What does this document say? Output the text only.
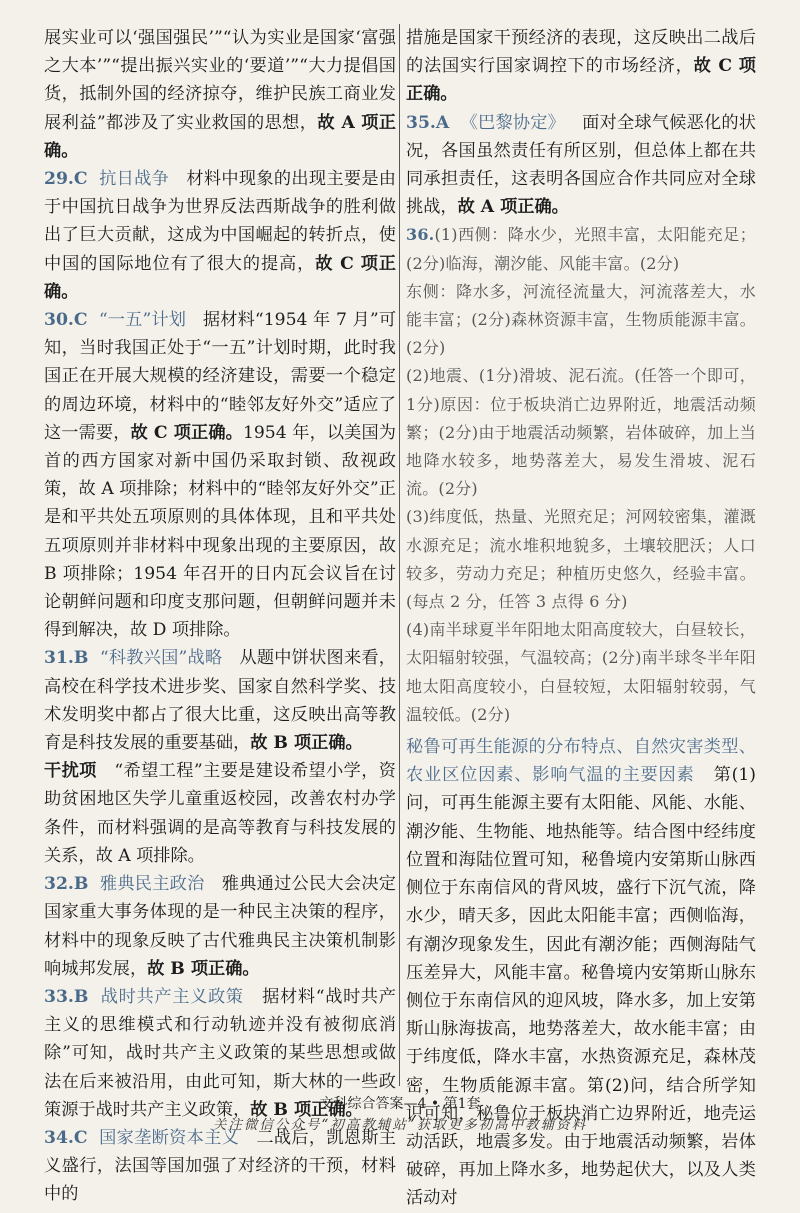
展实业可以‘强国强民’”“认为实业是国家‘富强之大本’”“提出振兴实业的‘要道’”“大力提倡国货，抵制外国的经济掠夺，维护民族工商业发展利益”都涉及了实业救国的思想，故 A 项正确。

29.C 抗日战争 材料中现象的出现主要是由于中国抗日战争为世界反法西斯战争的胜利做出了巨大贡献，这成为中国崛起的转折点，使中国的国际地位有了很大的提高，故 C 项正确。

30.C “一五”计划 据材料“1954 年 7 月”可知，当时我国正处于“一五”计划时期，此时我国正在开展大规模的经济建设，需要一个稳定的周边环境，材料中的“睦邻友好外交”适应了这一需要，故 C 项正确。1954 年，以美国为首的西方国家对新中国仍采取封锁、敌视政策，故 A 项排除；材料中的“睦邻友好外交”正是和平共处五项原则的具体体现，且和平共处五项原则并非材料中现象出现的主要原因，故 B 项排除；1954 年召开的日内瓦会议旨在讨论朝鲜问题和印度支那问题，但朝鲜问题并未得到解决，故 D 项排除。

31.B “科教兴国”战略 从题中饼状图来看，高校在科学技术进步奖、国家自然科学奖、技术发明奖中都占了很大比重，这反映出高等教育是科技发展的重要基础，故 B 项正确。

干扰项 “希望工程”主要是建设希望小学，资助贫困地区失学儿童重返校园，改善农村办学条件，而材料强调的是高等教育与科技发展的关系，故 A 项排除。

32.B 雅典民主政治 雅典通过公民大会决定国家重大事务体现的是一种民主决策的程序，材料中的现象反映了古代雅典民主决策机制影响城邦发展，故 B 项正确。

33.B 战时共产主义政策 据材料“战时共产主义的思维模式和行动轨迹并没有被彻底消除”可知，战时共产主义政策的某些思想或做法在后来被沿用，由此可知，斯大林的一些政策源于战时共产主义政策，故 B 项正确。

34.C 国家垄断资本主义 二战后，凯恩斯主义盛行，法国等国加强了对经济的干预，材料中的

措施是国家干预经济的表现，这反映出二战后的法国实行国家调控下的市场经济，故 C 项正确。

35.A 《巴黎协定》 面对全球气候恶化的状况，各国虽然责任有所区别，但总体上都在共同承担责任，这表明各国应合作共同应对全球挑战，故 A 项正确。

36.(1)西侧：降水少，光照丰富，太阳能充足；(2分)临海，潮汐能、风能丰富。(2分)

东侧：降水多，河流径流量大，河流落差大，水能丰富；(2分)森林资源丰富，生物质能源丰富。(2分)

(2)地震、(1分)滑坡、泥石流。(任答一个即可，1分)原因：位于板块消亡边界附近，地震活动频繁；(2分)由于地震活动频繁，岩体破碎，加上当地降水较多，地势落差大，易发生滑坡、泥石流。(2分)

(3)纬度低，热量、光照充足；河网较密集，灌溉水源充足；流水堆积地貌多，土壤较肥沃；人口较多，劳动力充足；种植历史悠久，经验丰富。(每点 2 分，任答 3 点得 6 分)

(4)南半球夏半年阳地太阳高度较大，白昼较长，太阳辐射较强，气温较高；(2分)南半球冬半年阳地太阳高度较小，白昼较短，太阳辐射较弱，气温较低。(2分)

秘鲁可再生能源的分布特点、自然灾害类型、农业区位因素、影响气温的主要因素 第(1)问，可再生能源主要有太阳能、风能、水能、潮汐能、生物能、地热能等。结合图中经纬度位置和海陆位置可知，秘鲁境内安第斯山脉西侧位于东南信风的背风坡，盛行下沉气流，降水少，晴天多，因此太阳能丰富；西侧临海，有潮汐现象发生，因此有潮汐能；西侧海陆气压差异大，风能丰富。秘鲁境内安第斯山脉东侧位于东南信风的迎风坡，降水多，加上安第斯山脉海拔高，地势落差大，故水能丰富；由于纬度低，降水丰富，水热资源充足，森林茂密，生物质能源丰富。第(2)问，结合所学知识可知，秘鲁位于板块消亡边界附近，地壳运动活跃，地震多发。由于地震活动频繁，岩体破碎，再加上降水多，地势起伏大，以及人类活动对

文科综合答案—4 • 第1套
关注微信公众号“初高教辅站”获取更多初高中教辅资料
